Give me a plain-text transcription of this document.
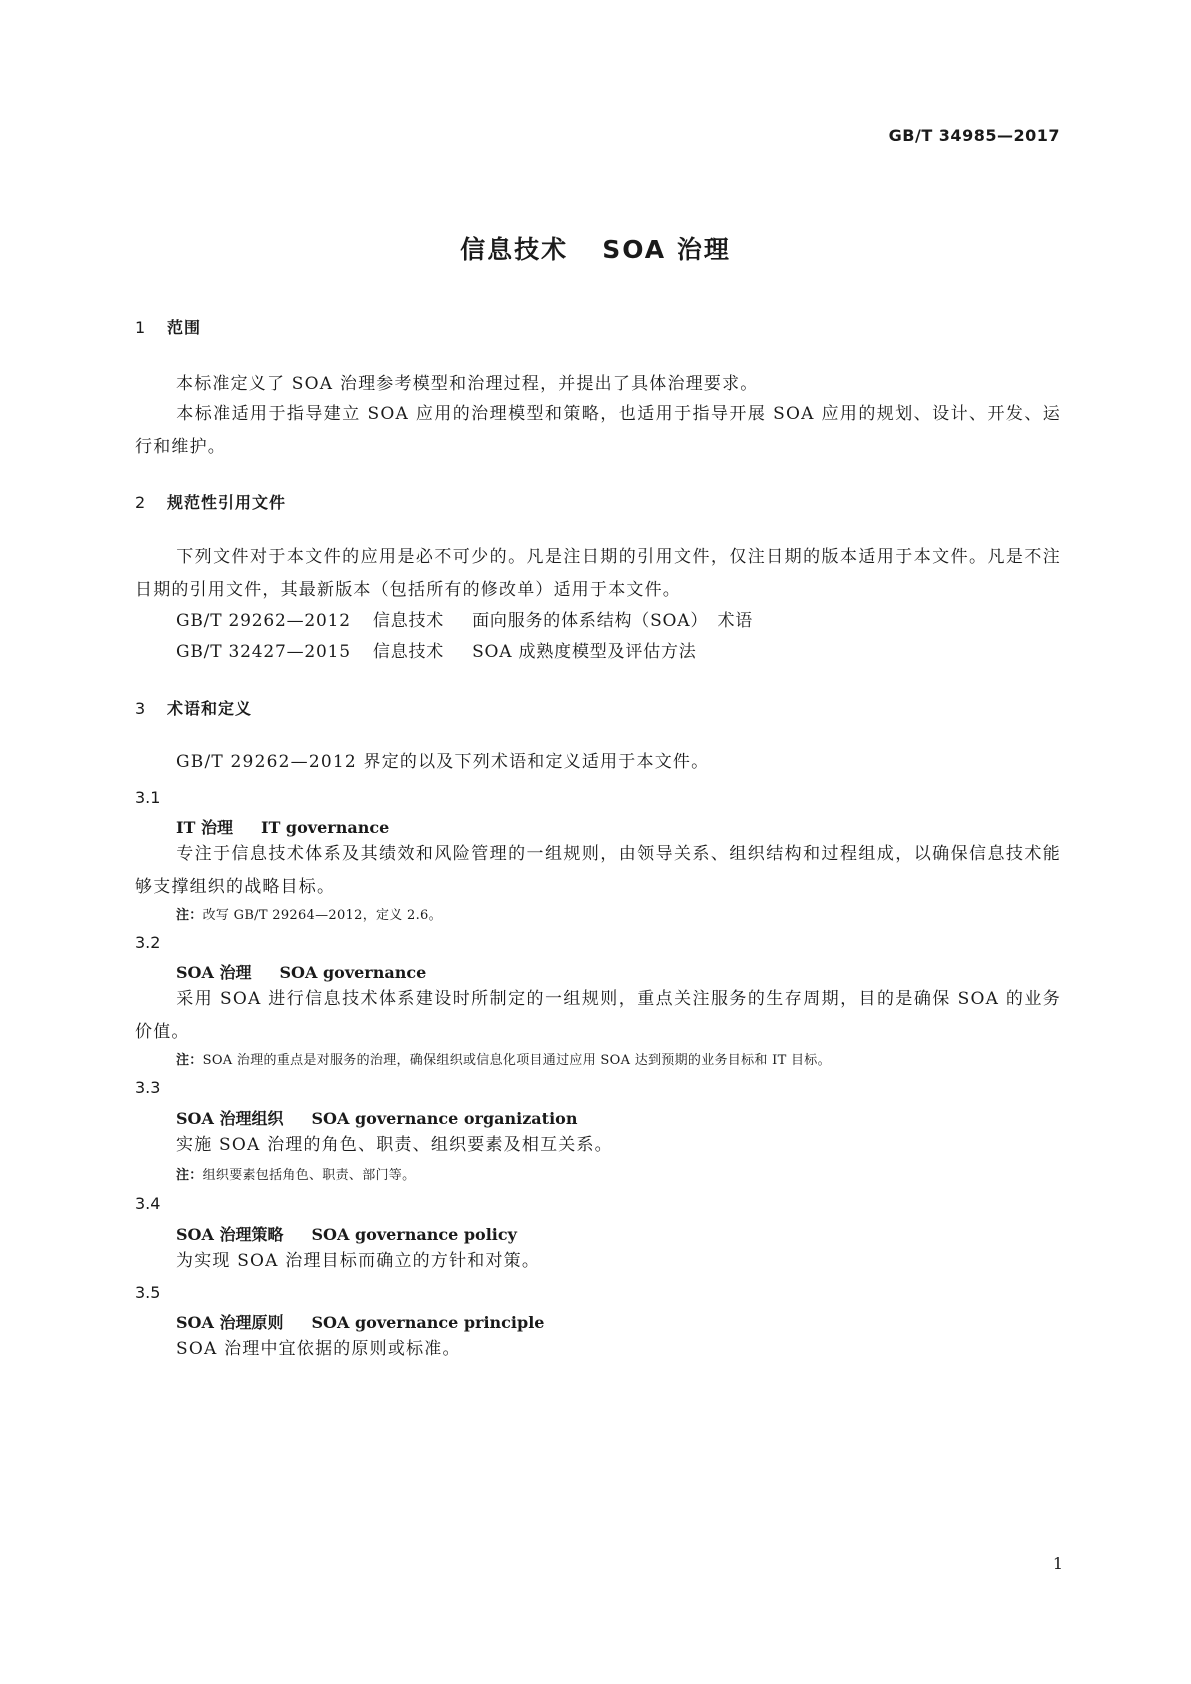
GB/T 34985—2017
信息技术 SOA 治理
1 范围
本标准定义了 SOA 治理参考模型和治理过程，并提出了具体治理要求。
本标准适用于指导建立 SOA 应用的治理模型和策略，也适用于指导开展 SOA 应用的规划、设计、开发、运行和维护。
2 规范性引用文件
下列文件对于本文件的应用是必不可少的。凡是注日期的引用文件，仅注日期的版本适用于本文件。凡是不注日期的引用文件，其最新版本（包括所有的修改单）适用于本文件。
GB/T 29262—2012 信息技术 面向服务的体系结构（SOA）　术语
GB/T 32427—2015 信息技术 SOA 成熟度模型及评估方法
3 术语和定义
GB/T 29262—2012 界定的以及下列术语和定义适用于本文件。
3.1
IT 治理 IT governance
专注于信息技术体系及其绩效和风险管理的一组规则，由领导关系、组织结构和过程组成，以确保信息技术能够支撑组织的战略目标。
注：改写 GB/T 29264—2012，定义 2.6。
3.2
SOA 治理 SOA governance
采用 SOA 进行信息技术体系建设时所制定的一组规则，重点关注服务的生存周期，目的是确保 SOA 的业务价值。
注：SOA 治理的重点是对服务的治理，确保组织或信息化项目通过应用 SOA 达到预期的业务目标和 IT 目标。
3.3
SOA 治理组织 SOA governance organization
实施 SOA 治理的角色、职责、组织要素及相互关系。
注：组织要素包括角色、职责、部门等。
3.4
SOA 治理策略 SOA governance policy
为实现 SOA 治理目标而确立的方针和对策。
3.5
SOA 治理原则 SOA governance principle
SOA 治理中宜依据的原则或标准。
1
